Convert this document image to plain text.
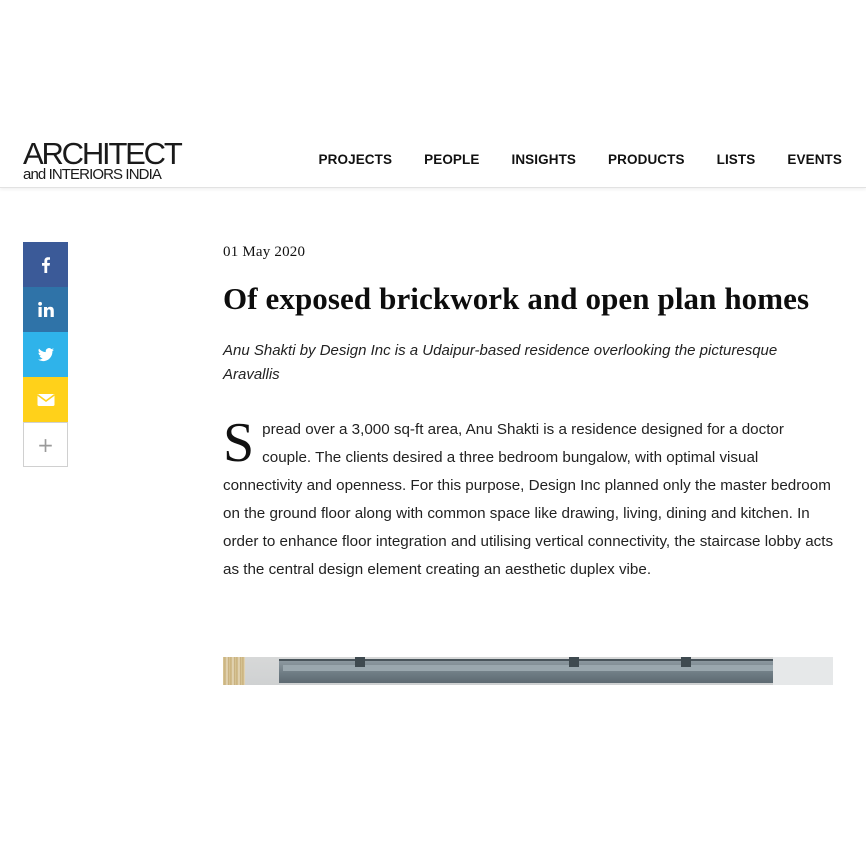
ARCHITECT
and INTERIORS INDIA
PROJECTS PEOPLE INSIGHTS PRODUCTS LISTS EVENTS
+
01 May 2020
Of exposed brickwork and open plan homes

Anu Shakti by Design Inc is a Udaipur-based residence overlooking the picturesque Aravallis

Spread over a 3,000 sq-ft area, Anu Shakti is a residence designed for a doctor couple. The clients desired a three bedroom bungalow, with optimal visual connectivity and openness. For this purpose, Design Inc planned only the master bedroom on the ground floor along with common space like drawing, living, dining and kitchen. In order to enhance floor integration and utilising vertical connectivity, the staircase lobby acts as the central design element creating an aesthetic duplex vibe.
